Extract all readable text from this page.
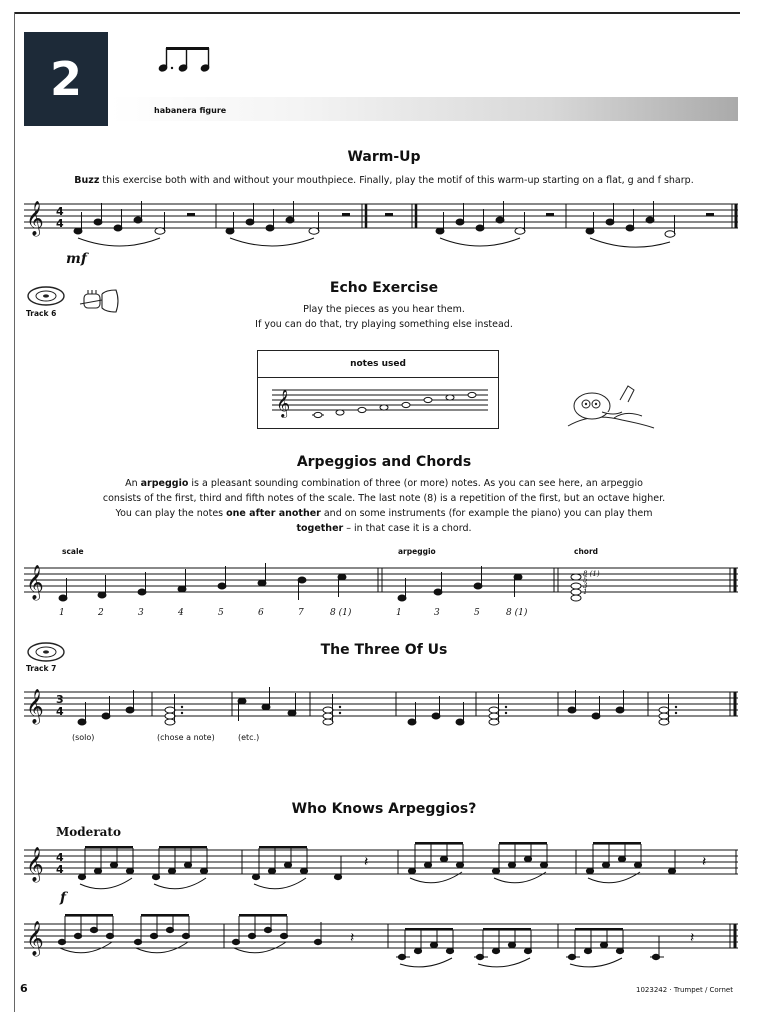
2
habanera figure
Warm-Up
Buzz this exercise both with and without your mouthpiece. Finally, play the motif of this warm-up starting on a flat, g and f sharp.
𝄞 4
4
mf
Track 6
Echo Exercise
Play the pieces as you hear them.
If you can do that, try playing something else instead.
notes used
𝄞
Arpeggios and Chords
An arpeggio is a pleasant sounding combination of three (or more) notes. As you can see here, an arpeggio
consists of the first, third and fifth notes of the scale. The last note (8) is a repetition of the first, but an octave higher.
You can play the notes one after another and on some instruments (for example the piano) you can play them
together – in that case it is a chord.
scale	arpeggio	chord
𝄞
1	2	3	4	5	6	7	8 (1)	1	3	5	8 (1)
8 (1)
5
3
1
Track 7
The Three Of Us
𝄞 3
4
(solo)	(chose a note)	(etc.)
Who Knows Arpeggios?
Moderato
𝄞 4
4	𝄽	𝄽
f
𝄞	𝄽	𝄽
6	1023242 · Trumpet / Cornet
